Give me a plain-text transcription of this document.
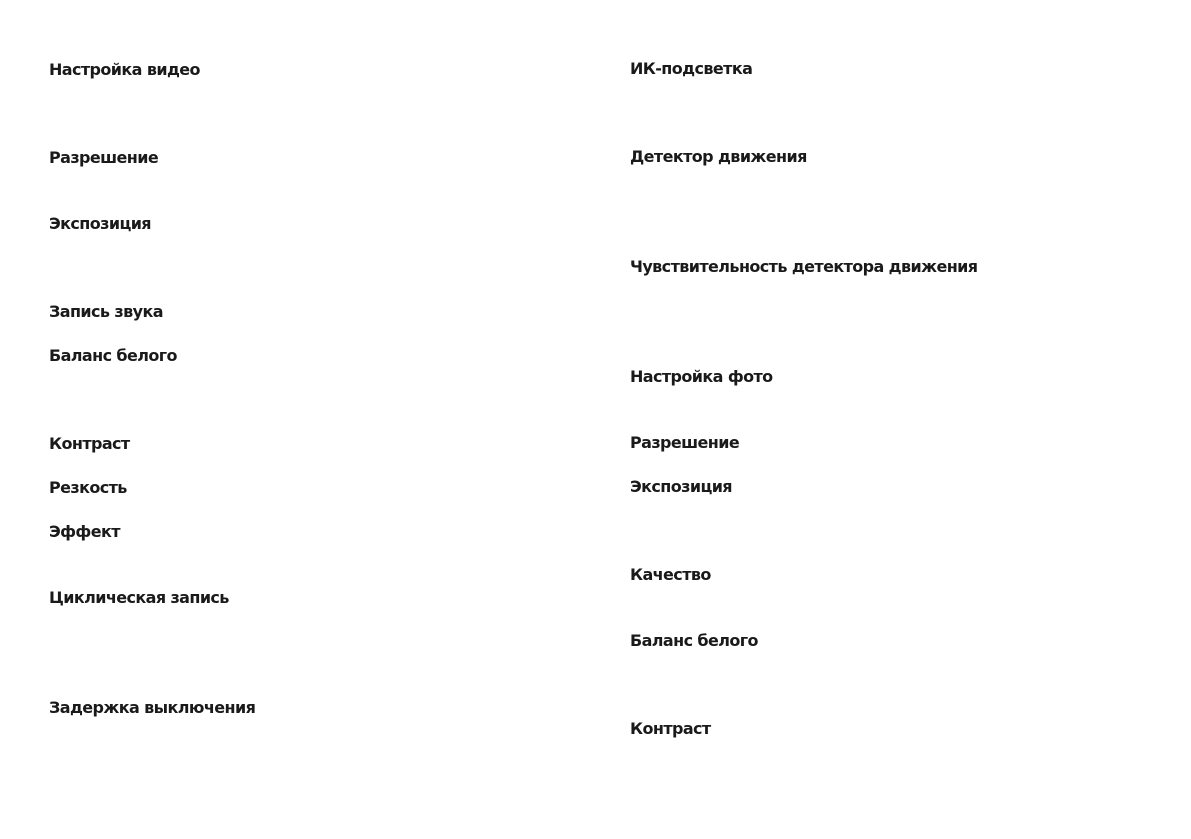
Настройка видео
Разрешение
Экспозиция
Запись звука
Баланс белого
Контраст
Резкость
Эффект
Циклическая запись
Задержка выключения
ИК-подсветка
Детектор движения
Чувствительность детектора движения
Настройка фото
Разрешение
Экспозиция
Качество
Баланс белого
Контраст
